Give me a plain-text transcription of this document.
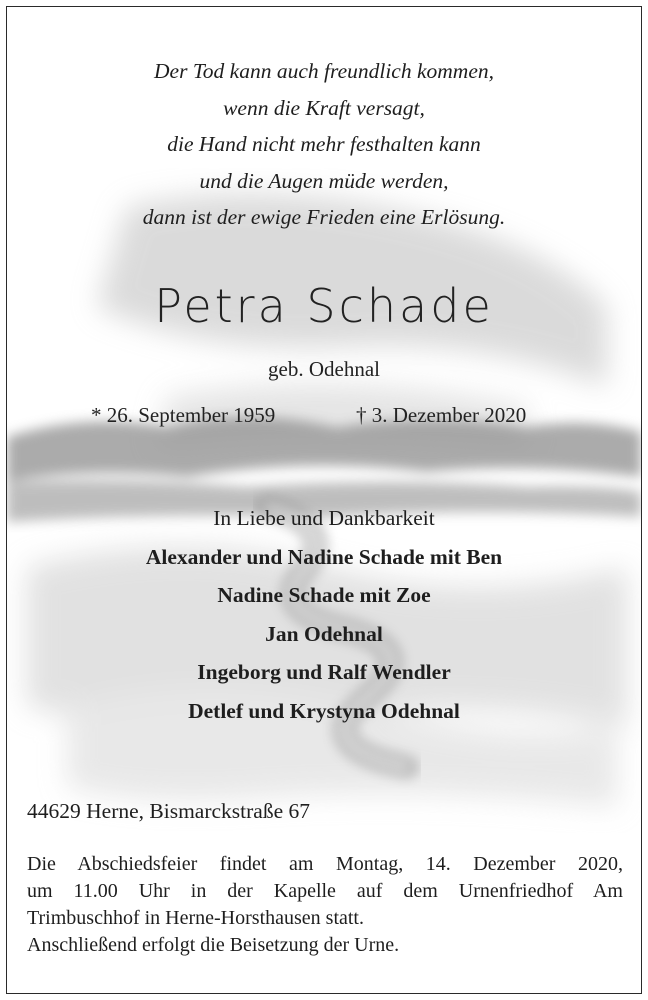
Der Tod kann auch freundlich kommen,
wenn die Kraft versagt,
die Hand nicht mehr festhalten kann
und die Augen müde werden,
dann ist der ewige Frieden eine Erlösung.
Petra Schade
geb. Odehnal
* 26. September 1959	† 3. Dezember 2020
In Liebe und Dankbarkeit
Alexander und Nadine Schade mit Ben
Nadine Schade mit Zoe
Jan Odehnal
Ingeborg und Ralf Wendler
Detlef und Krystyna Odehnal
44629 Herne, Bismarckstraße 67
Die Abschiedsfeier findet am Montag, 14. Dezember 2020,
um 11.00 Uhr in der Kapelle auf dem Urnenfriedhof Am
Trimbuschhof in Herne-Horsthausen statt.
Anschließend erfolgt die Beisetzung der Urne.
